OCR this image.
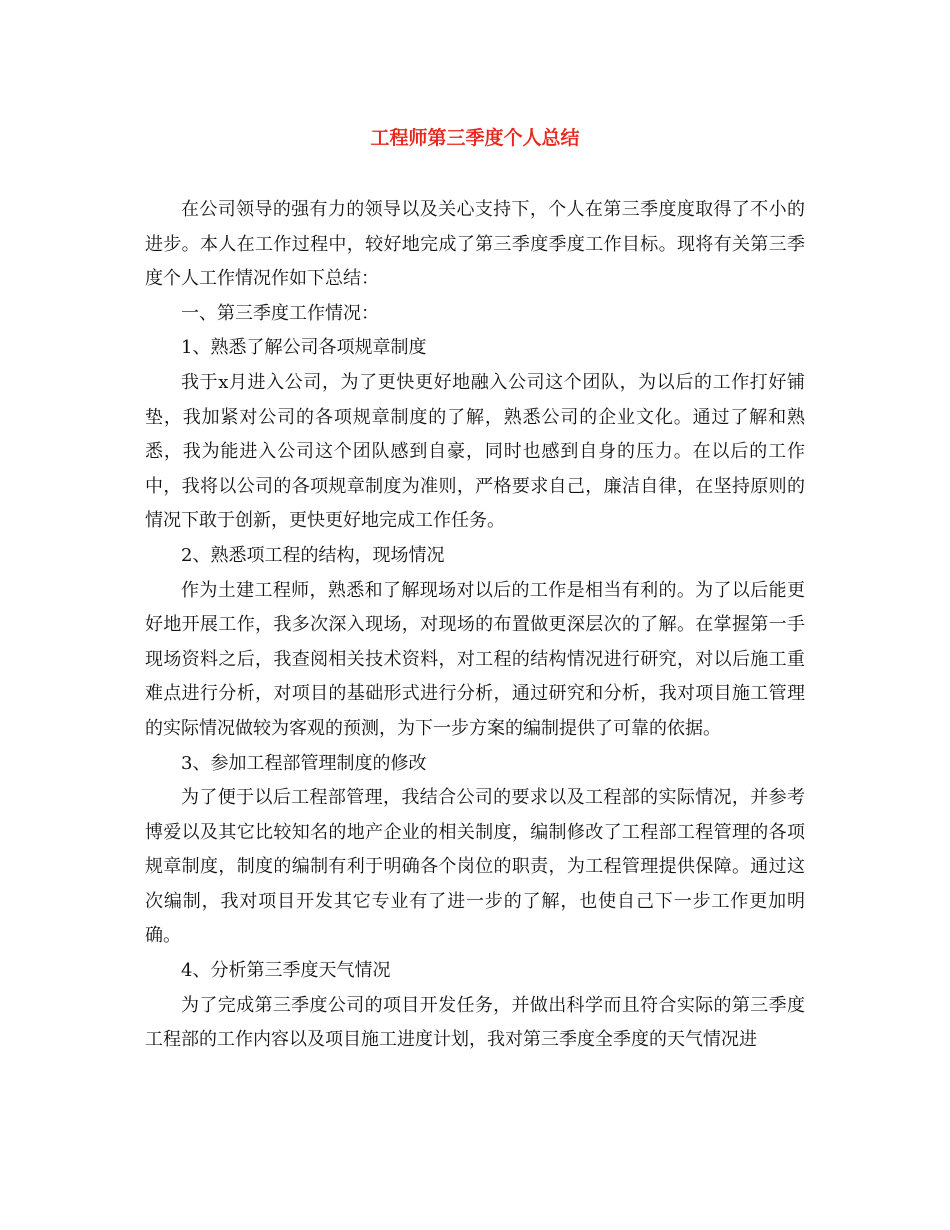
工程师第三季度个人总结

在公司领导的强有力的领导以及关心支持下，个人在第三季度度取得了不小的进步。本人在工作过程中，较好地完成了第三季度季度工作目标。现将有关第三季度个人工作情况作如下总结：

一、第三季度工作情况：

1、熟悉了解公司各项规章制度

我于x月进入公司，为了更快更好地融入公司这个团队，为以后的工作打好铺垫，我加紧对公司的各项规章制度的了解，熟悉公司的企业文化。通过了解和熟悉，我为能进入公司这个团队感到自豪，同时也感到自身的压力。在以后的工作中，我将以公司的各项规章制度为准则，严格要求自己，廉洁自律，在坚持原则的情况下敢于创新，更快更好地完成工作任务。

2、熟悉项工程的结构，现场情况

作为土建工程师，熟悉和了解现场对以后的工作是相当有利的。为了以后能更好地开展工作，我多次深入现场，对现场的布置做更深层次的了解。在掌握第一手现场资料之后，我查阅相关技术资料，对工程的结构情况进行研究，对以后施工重难点进行分析，对项目的基础形式进行分析，通过研究和分析，我对项目施工管理的实际情况做较为客观的预测，为下一步方案的编制提供了可靠的依据。

3、参加工程部管理制度的修改

为了便于以后工程部管理，我结合公司的要求以及工程部的实际情况，并参考博爱以及其它比较知名的地产企业的相关制度，编制修改了工程部工程管理的各项规章制度，制度的编制有利于明确各个岗位的职责，为工程管理提供保障。通过这次编制，我对项目开发其它专业有了进一步的了解，也使自己下一步工作更加明确。

4、分析第三季度天气情况

为了完成第三季度公司的项目开发任务，并做出科学而且符合实际的第三季度工程部的工作内容以及项目施工进度计划，我对第三季度全季度的天气情况进
